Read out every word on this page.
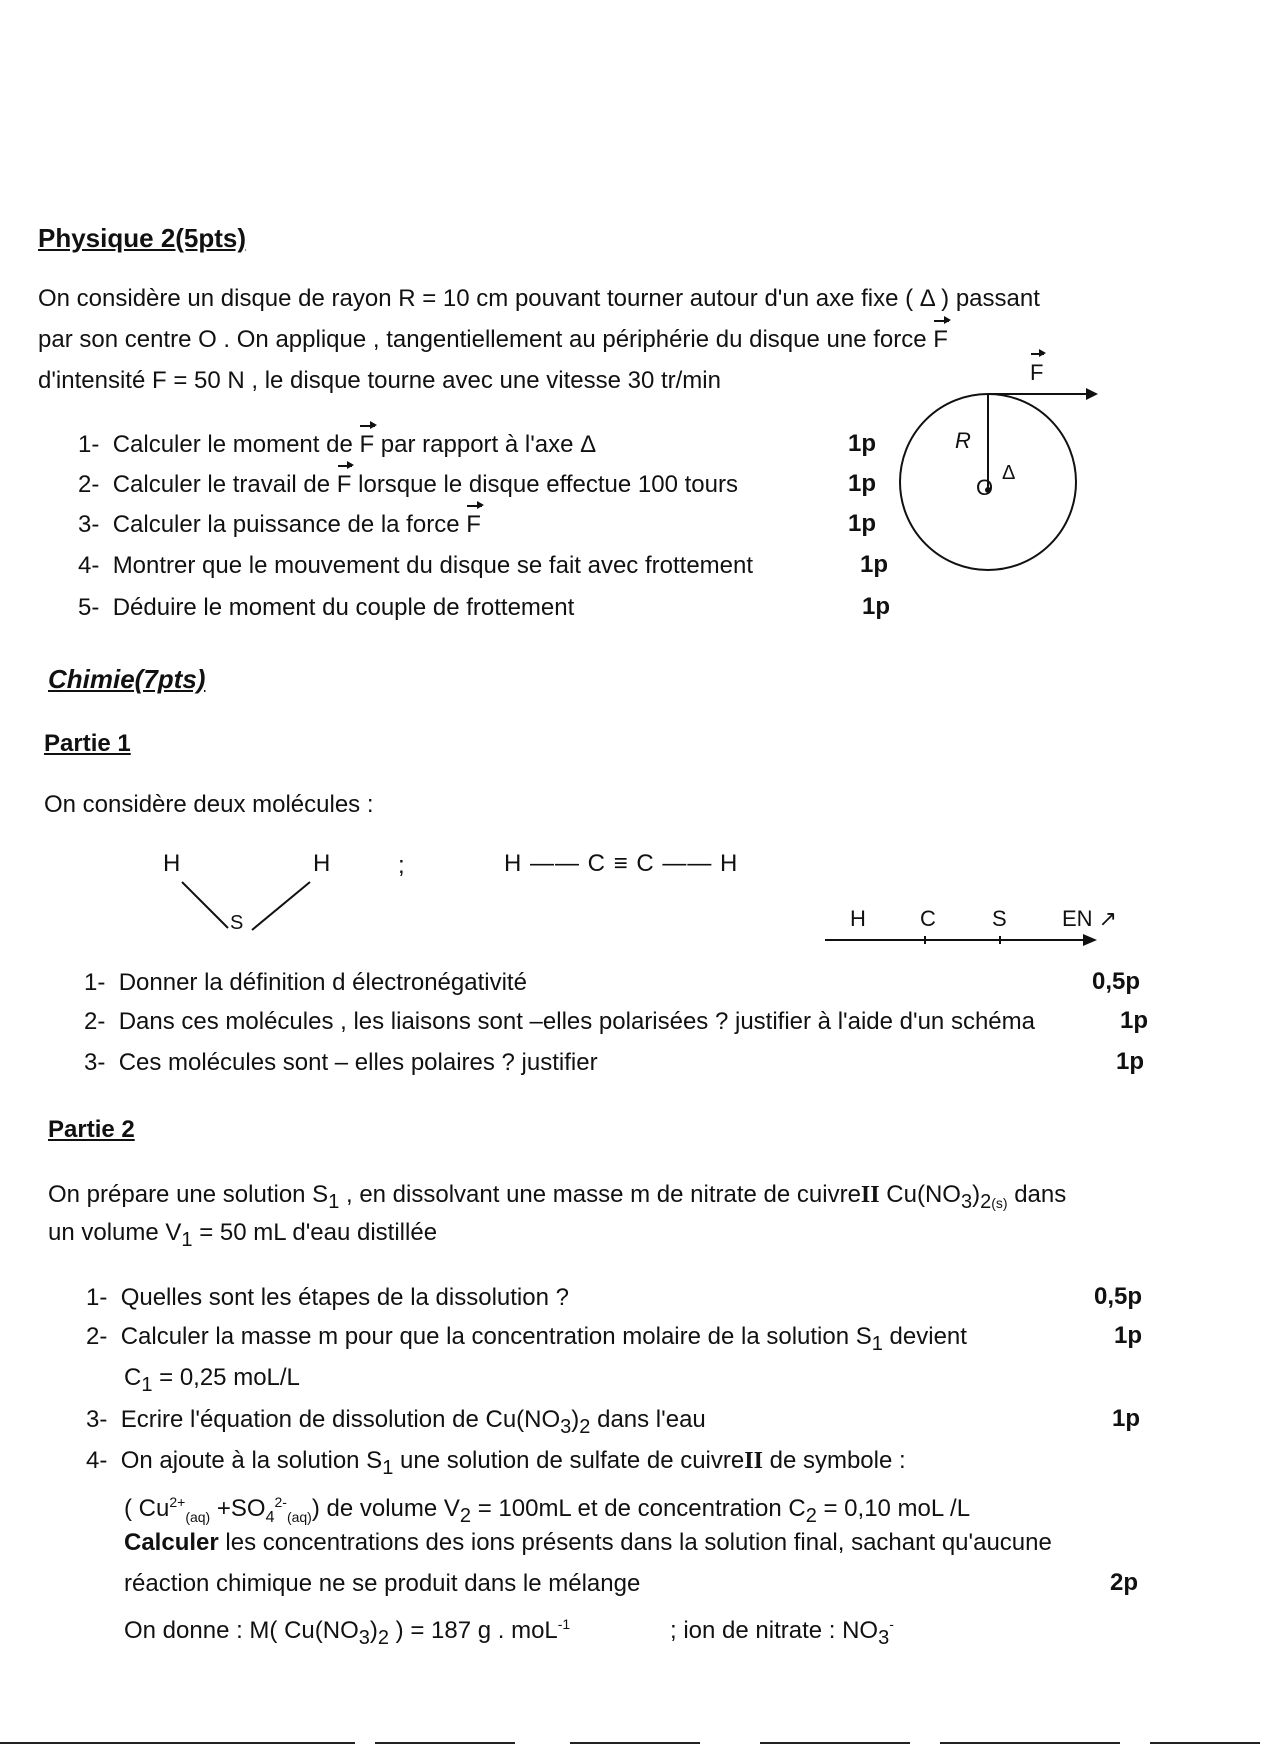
Physique 2(5pts)
On considère un disque de rayon R = 10 cm pouvant tourner autour d'un axe fixe ( Δ ) passant
par son centre O . On applique , tangentiellement au périphérie du disque une force F
d'intensité F = 50 N , le disque tourne avec une vitesse 30 tr/min
1- Calculer le moment de F par rapport à l'axe Δ	1p
2- Calculer le travail de F lorsque le disque effectue 100 tours	1p
3- Calculer la puissance de la force F	1p
4- Montrer que le mouvement du disque se fait avec frottement	1p
5- Déduire le moment du couple de frottement	1p
F
R
Δ
O
Chimie(7pts)
Partie 1
On considère deux molécules :
H	H
S
;	H —— C ≡ C —— H
H C	S	EN ↗
1- Donner la définition d électronégativité	0,5p
2- Dans ces molécules , les liaisons sont –elles polarisées ? justifier à l'aide d'un schéma	1p
3- Ces molécules sont – elles polaires ? justifier	1p
Partie 2
On prépare une solution $S_1$ , en dissolvant une masse m de nitrate de cuivreII $Cu(NO_3)_{2(s)}$ dans
un volume $V_1 = 50$ mL d'eau distillée
1- Quelles sont les étapes de la dissolution ?	0,5p
2- Calculer la masse m pour que la concentration molaire de la solution $S_1$ devient	1p
$C_1 = 0,25$ moL/L
3- Ecrire l'équation de dissolution de $Cu(NO_3)_2$ dans l'eau	1p
4- On ajoute à la solution $S_1$ une solution de sulfate de cuivreII de symbole :
( $Cu^{2+}_{(aq)} +SO_4^{2-}_{(aq)}$) de volume $V_2 = 100mL$ et de concentration $C_2 = 0,10$ moL /L
Calculer les concentrations des ions présents dans la solution final, sachant qu'aucune
réaction chimique ne se produit dans le mélange	2p
On donne : M( $Cu(NO_3)_2$ ) = 187 g . moL$^{-1}$	; ion de nitrate : $NO_3^-$
